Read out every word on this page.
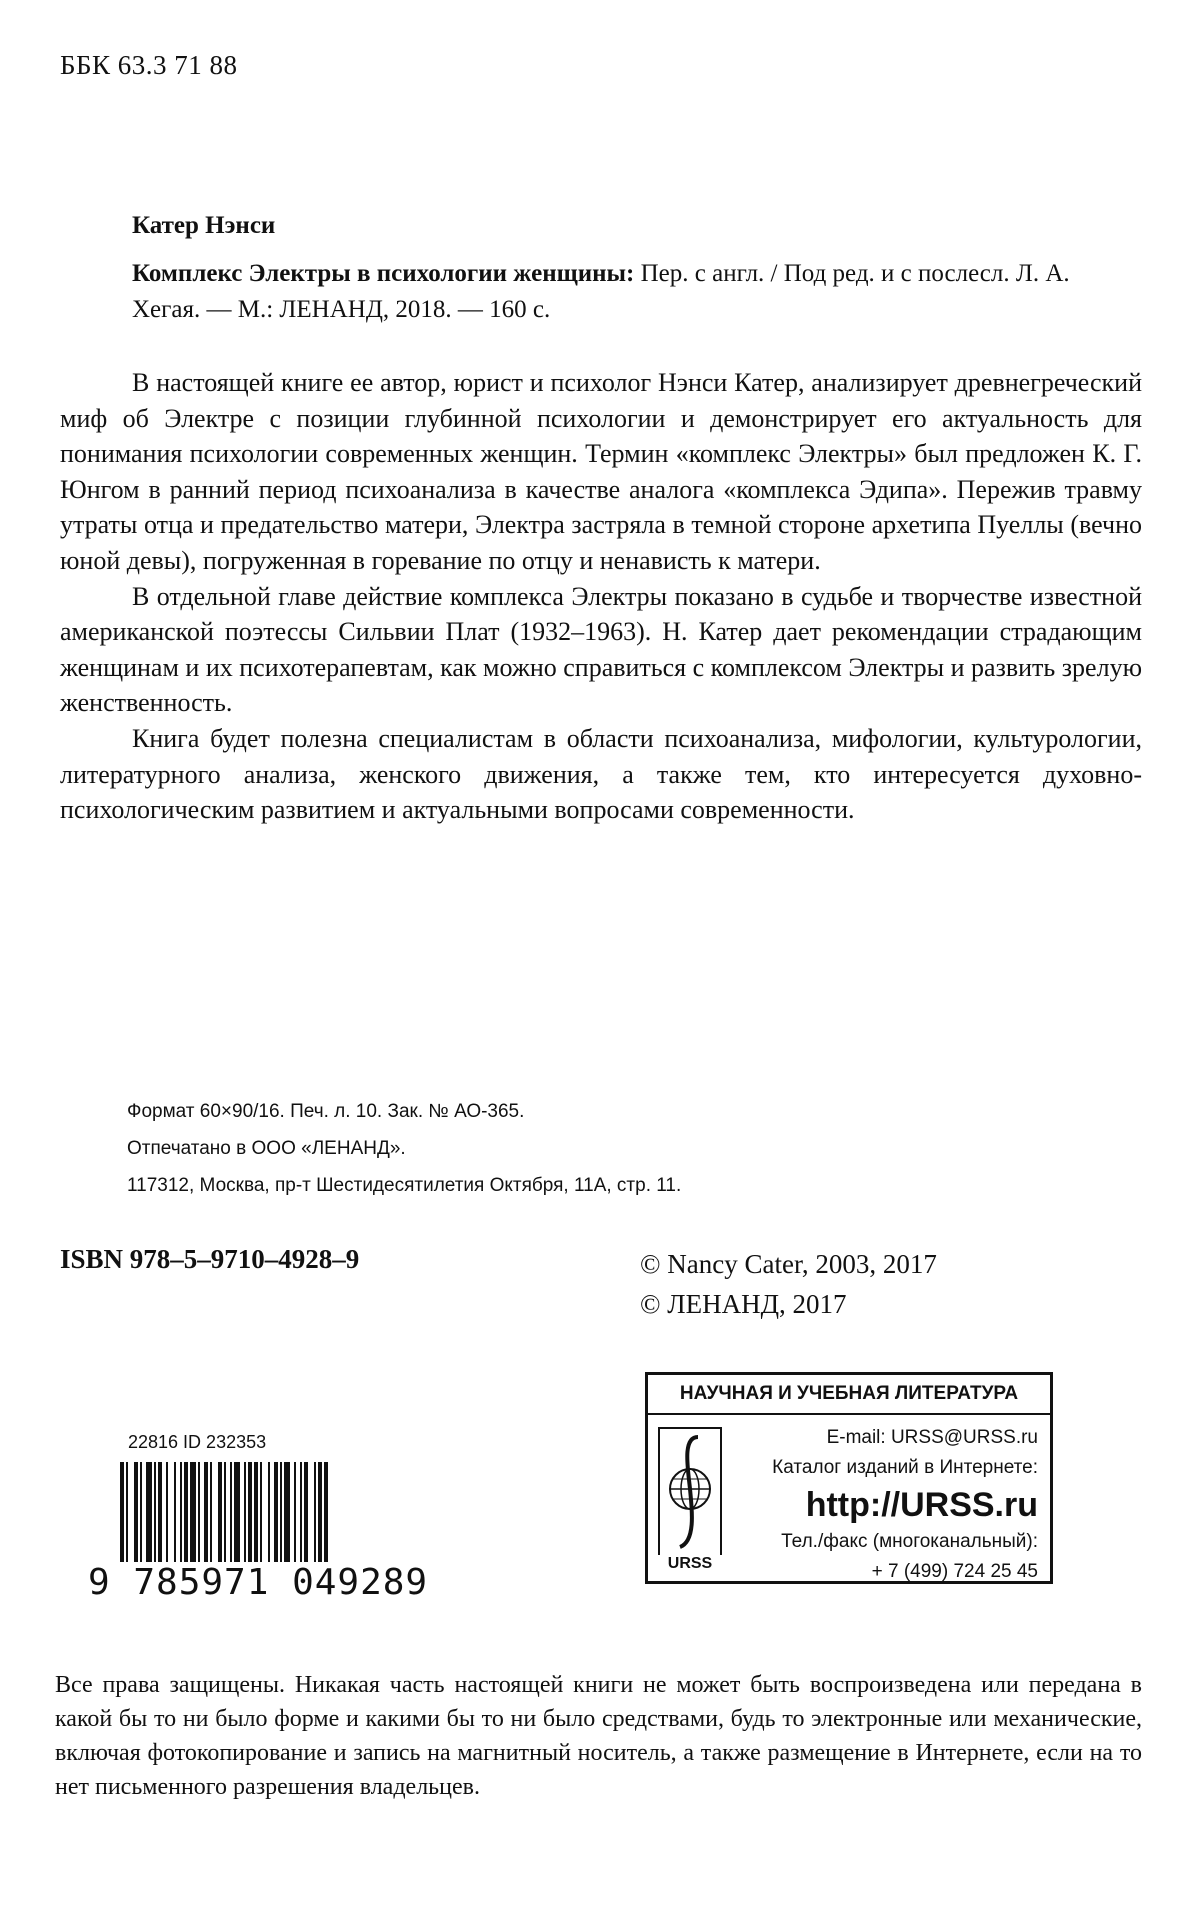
ББК 63.3 71 88
Катер Нэнси
Комплекс Электры в психологии женщины: Пер. с англ. / Под ред. и с послесл. Л. А. Хегая. — М.: ЛЕНАНД, 2018. — 160 с.

В настоящей книге ее автор, юрист и психолог Нэнси Катер, анализирует древнегреческий миф об Электре с позиции глубинной психологии и демонстрирует его актуальность для понимания психологии современных женщин. Термин «комплекс Электры» был предложен К. Г. Юнгом в ранний период психоанализа в качестве аналога «комплекса Эдипа». Пережив травму утраты отца и предательство матери, Электра застряла в темной стороне архетипа Пуеллы (вечно юной девы), погруженная в горевание по отцу и ненависть к матери.

В отдельной главе действие комплекса Электры показано в судьбе и творчестве известной американской поэтессы Сильвии Плат (1932–1963). Н. Катер дает рекомендации страдающим женщинам и их психотерапевтам, как можно справиться с комплексом Электры и развить зрелую женственность.

Книга будет полезна специалистам в области психоанализа, мифологии, культурологии, литературного анализа, женского движения, а также тем, кто интересуется духовно-психологическим развитием и актуальными вопросами современности.

Формат 60×90/16. Печ. л. 10. Зак. № АО-365.
Отпечатано в ООО «ЛЕНАНД».
117312, Москва, пр-т Шестидесятилетия Октября, 11А, стр. 11.
ISBN 978–5–9710–4928–9	© Nancy Cater, 2003, 2017
© ЛЕНАНД, 2017
22816 ID 232353
9 785971 049289
НАУЧНАЯ И УЧЕБНАЯ ЛИТЕРАТУРА
URSS
E-mail: URSS@URSS.ru
Каталог изданий в Интернете:
http://URSS.ru
Тел./факс (многоканальный):
+ 7 (499) 724 25 45
Все права защищены. Никакая часть настоящей книги не может быть воспроизведена или передана в какой бы то ни было форме и какими бы то ни было средствами, будь то электронные или механические, включая фотокопирование и запись на магнитный носитель, а также размещение в Интернете, если на то нет письменного разрешения владельцев.
